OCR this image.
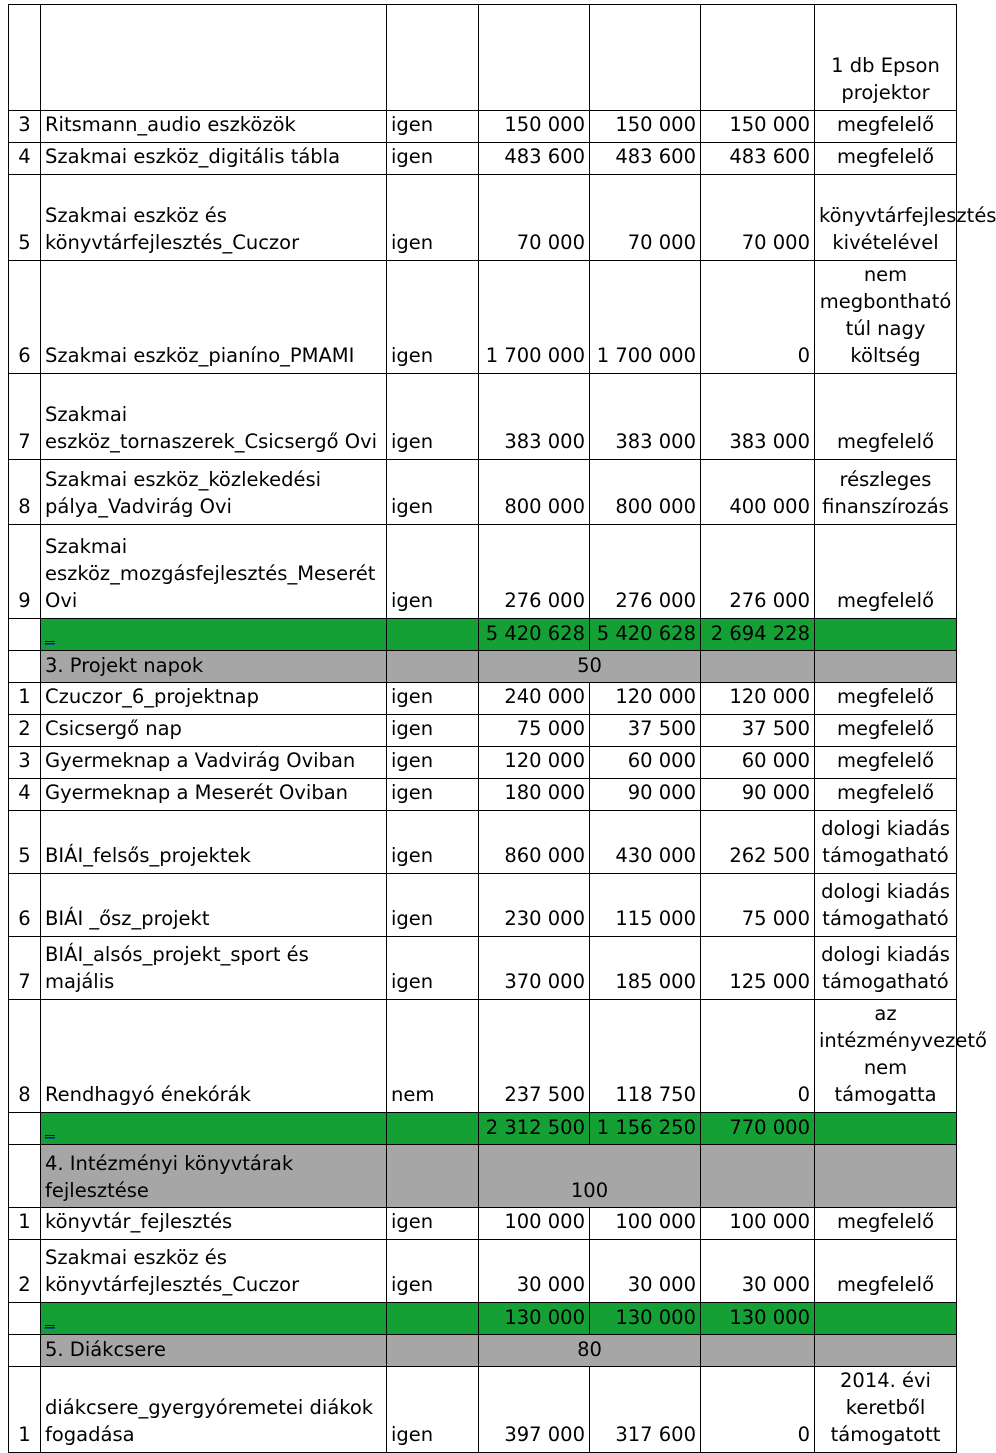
						1 db Epson projektor
3	Ritsmann_audio eszközök	igen	150 000	150 000	150 000	megfelelő
4	Szakmai eszköz_digitális tábla	igen	483 600	483 600	483 600	megfelelő
5	Szakmai eszköz és könyvtárfejlesztés_Cuczor	igen	70 000	70 000	70 000	könyvtárfejlesztés kivételével
6	Szakmai eszköz_pianíno_PMAMI	igen	1 700 000	1 700 000	0	nem megbontható túl nagy költség
7	Szakmai eszköz_tornaszerek_Csicsergő Ovi	igen	383 000	383 000	383 000	megfelelő
8	Szakmai eszköz_közlekedési pálya_Vadvirág Ovi	igen	800 000	800 000	400 000	részleges finanszírozás
9	Szakmai eszköz_mozgásfejlesztés_Meserét Ovi	igen	276 000	276 000	276 000	megfelelő
	_		5 420 628	5 420 628	2 694 228	
	3. Projekt napok		50			
1	Czuczor_6_projektnap	igen	240 000	120 000	120 000	megfelelő
2	Csicsergő nap	igen	75 000	37 500	37 500	megfelelő
3	Gyermeknap a Vadvirág Oviban	igen	120 000	60 000	60 000	megfelelő
4	Gyermeknap a Meserét Oviban	igen	180 000	90 000	90 000	megfelelő
5	BIÁI_felsős_projektek	igen	860 000	430 000	262 500	dologi kiadás támogatható
6	BIÁI _ősz_projekt	igen	230 000	115 000	75 000	dologi kiadás támogatható
7	BIÁI_alsós_projekt_sport és majális	igen	370 000	185 000	125 000	dologi kiadás támogatható
8	Rendhagyó énekórák	nem	237 500	118 750	0	az intézményvezető nem támogatta
	_		2 312 500	1 156 250	770 000	
	4. Intézményi könyvtárak fejlesztése		100			
1	könyvtár_fejlesztés	igen	100 000	100 000	100 000	megfelelő
2	Szakmai eszköz és könyvtárfejlesztés_Cuczor	igen	30 000	30 000	30 000	megfelelő
	_		130 000	130 000	130 000	
	5. Diákcsere		80			
1	diákcsere_gyergyóremetei diákok fogadása	igen	397 000	317 600	0	2014. évi keretből támogatott
